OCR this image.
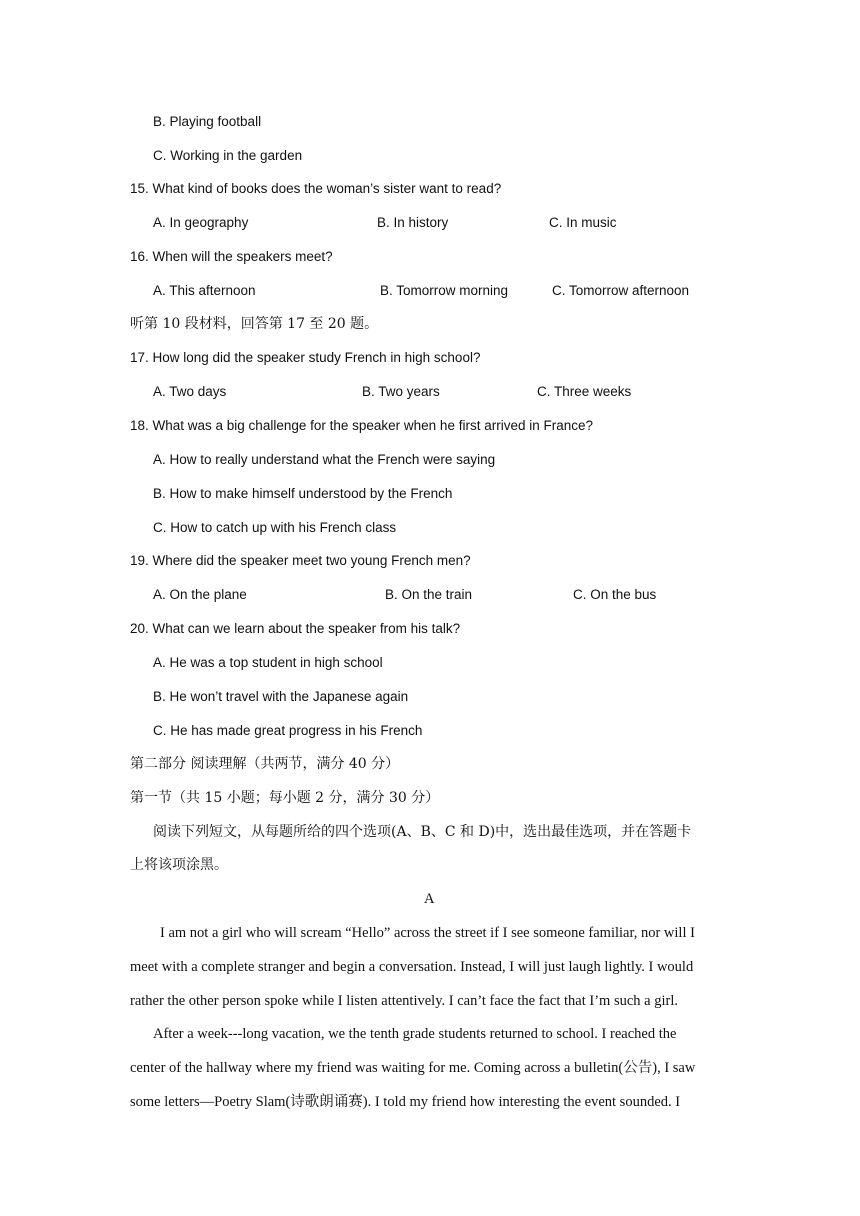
B. Playing football
C. Working in the garden
15. What kind of books does the woman’s sister want to read?
A. In geography	B. In history	C. In music
16. When will the speakers meet?
A. This afternoon	B. Tomorrow morning	C. Tomorrow afternoon
听第 10 段材料，回答第 17 至 20 题。
17. How long did the speaker study French in high school?
A. Two days	B. Two years	C. Three weeks
18. What was a big challenge for the speaker when he first arrived in France?
A. How to really understand what the French were saying
B. How to make himself understood by the French
C. How to catch up with his French class
19. Where did the speaker meet two young French men?
A. On the plane	B. On the train	C. On the bus
20. What can we learn about the speaker from his talk?
A. He was a top student in high school
B. He won’t travel with the Japanese again
C. He has made great progress in his French
第二部分 阅读理解（共两节，满分 40 分）
第一节（共 15 小题；每小题 2 分，满分 30 分）
阅读下列短文，从每题所给的四个选项(A、B、C 和 D)中，选出最佳选项，并在答题卡
上将该项涂黑。
A
I am not a girl who will scream “Hello” across the street if I see someone familiar, nor will I
meet with a complete stranger and begin a conversation. Instead, I will just laugh lightly. I would
rather the other person spoke while I listen attentively. I can’t face the fact that I’m such a girl.
After a week---long vacation, we the tenth grade students returned to school. I reached the
center of the hallway where my friend was waiting for me. Coming across a bulletin(公告), I saw
some letters—Poetry Slam(诗歌朗诵赛). I told my friend how interesting the event sounded. I
